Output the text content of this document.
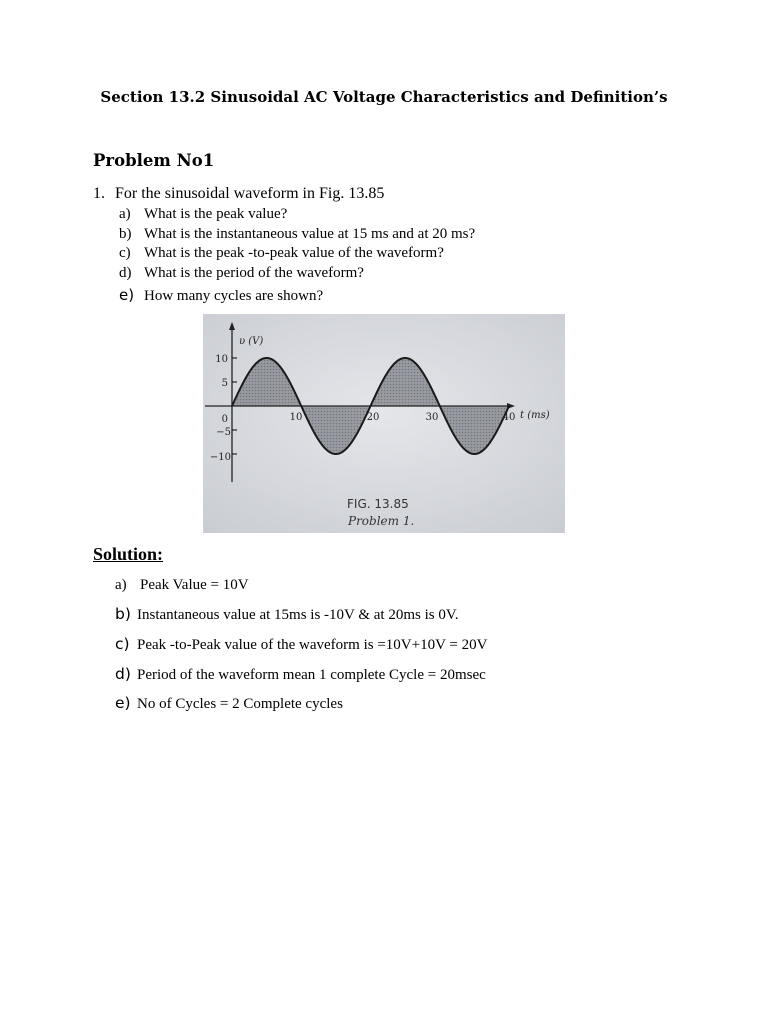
Section 13.2 Sinusoidal AC Voltage Characteristics and Definition’s
Problem No1
1. For the sinusoidal waveform in Fig. 13.85
a) What is the peak value?
b) What is the instantaneous value at 15 ms and at 20 ms?
c) What is the peak -to-peak value of the waveform?
d) What is the period of the waveform?
e) How many cycles are shown?
υ (V)
t (ms)
10
5
0
−5
−10
10	20	30	40
FIG. 13.85
Problem 1.
Solution:
a) Peak Value = 10V
b) Instantaneous value at 15ms is -10V & at 20ms is 0V.
c) Peak -to-Peak value of the waveform is =10V+10V = 20V
d) Period of the waveform mean 1 complete Cycle = 20msec
e) No of Cycles = 2 Complete cycles
